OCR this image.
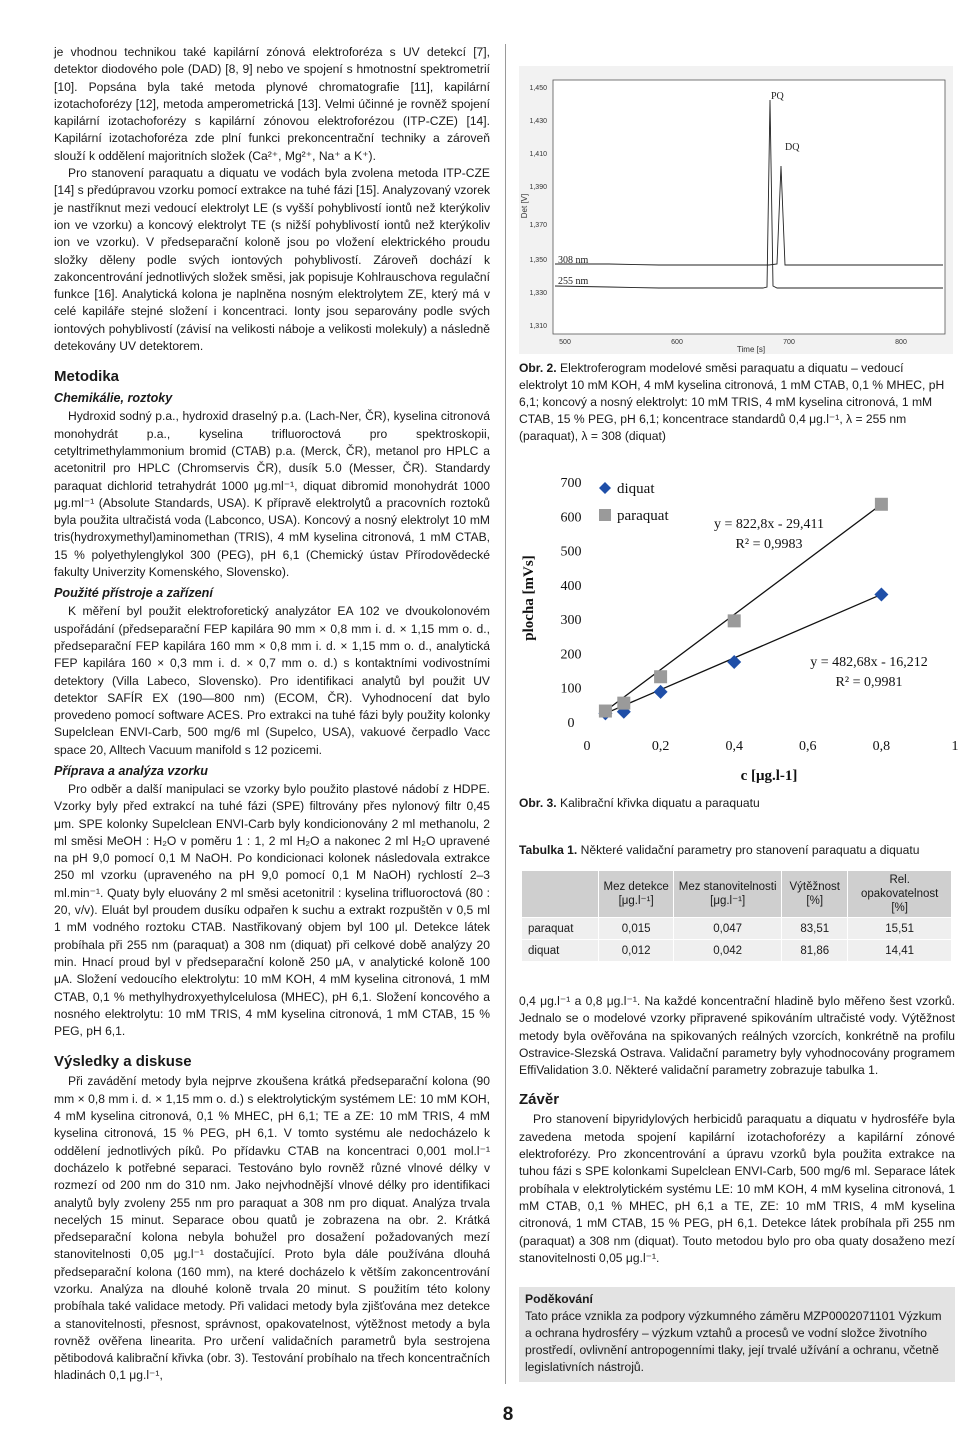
je vhodnou technikou také kapilární zónová elektroforéza s UV detekcí [7], detektor diodového pole (DAD) [8, 9] nebo ve spojení s hmotnostní spektrometrií [10]. Popsána byla také metoda plynové chromatografie [11], kapilární izotachoforézy [12], metoda amperometrická [13]. Velmi účinné je rovněž spojení kapilární izotachoforézy s kapilární zónovou elektroforézou (ITP-CZE) [14]. Kapilární izotachoforéza zde plní funkci prekoncentrační techniky a zároveň slouží k oddělení majoritních složek (Ca²⁺, Mg²⁺, Na⁺ a K⁺).

Pro stanovení paraquatu a diquatu ve vodách byla zvolena metoda ITP-CZE [14] s předúpravou vzorku pomocí extrakce na tuhé fázi [15]. Analyzovaný vzorek je nastříknut mezi vedoucí elektrolyt LE (s vyšší pohyblivostí iontů než kterýkoliv ion ve vzorku) a koncový elektrolyt TE (s nižší pohyblivostí iontů než kterýkoliv ion ve vzorku). V předseparační koloně jsou po vložení elektrického proudu složky děleny podle svých iontových pohyblivostí. Zároveň dochází k zakoncentrování jednotlivých složek směsi, jak popisuje Kohlrauschova regulační funkce [16]. Analytická kolona je naplněna nosným elektrolytem ZE, který má v celé kapiláře stejné složení i koncentraci. Ionty jsou separovány podle svých iontových pohyblivostí (závisí na velikosti náboje a velikosti molekuly) a následně detekovány UV detektorem.

Metodika
Chemikálie, roztoky

Hydroxid sodný p.a., hydroxid draselný p.a. (Lach-Ner, ČR), kyselina citronová monohydrát p.a., kyselina trifluoroctová pro spektroskopii, cetyltrimethylammonium bromid (CTAB) p.a. (Merck, ČR), metanol pro HPLC a acetonitril pro HPLC (Chromservis ČR), dusík 5.0 (Messer, ČR). Standardy paraquat dichlorid tetrahydrát 1000 μg.ml⁻¹, diquat dibromid monohydrát 1000 μg.ml⁻¹ (Absolute Standards, USA). K přípravě elektrolytů a pracovních roztoků byla použita ultračistá voda (Labconco, USA). Koncový a nosný elektrolyt 10 mM tris(hydroxymethyl)aminomethan (TRIS), 4 mM kyselina citronová, 1 mM CTAB, 15 % polyethylenglykol 300 (PEG), pH 6,1 (Chemický ústav Přírodovědecké fakulty Univerzity Komenského, Slovensko).

Použité přístroje a zařízení

K měření byl použit elektroforetický analyzátor EA 102 ve dvoukolonovém uspořádání (předseparační FEP kapilára 90 mm × 0,8 mm i. d. × 1,15 mm o. d., předseparační FEP kapilára 160 mm × 0,8 mm i. d. × 1,15 mm o. d., analytická FEP kapilára 160 × 0,3 mm i. d. × 0,7 mm o. d.) s kontaktními vodivostními detektory (Villa Labeco, Slovensko). Pro identifikaci analytů byl použit UV detektor SAFÍR EX (190—800 nm) (ECOM, ČR). Vyhodnocení dat bylo provedeno pomocí software ACES. Pro extrakci na tuhé fázi byly použity kolonky Supelclean ENVI-Carb, 500 mg/6 ml (Supelco, USA), vakuové čerpadlo Vacc space 20, Alltech Vacuum manifold s 12 pozicemi.

Příprava a analýza vzorku

Pro odběr a další manipulaci se vzorky bylo použito plastové nádobí z HDPE. Vzorky byly před extrakcí na tuhé fázi (SPE) filtrovány přes nylonový filtr 0,45 μm. SPE kolonky Supelclean ENVI-Carb byly kondicionovány 2 ml methanolu, 2 ml směsi MeOH : H₂O v poměru 1 : 1, 2 ml H₂O a nakonec 2 ml H₂O upravené na pH 9,0 pomocí 0,1 M NaOH. Po kondicionaci kolonek následovala extrakce 250 ml vzorku (upraveného na pH 9,0 pomocí 0,1 M NaOH) rychlostí 2–3 ml.min⁻¹. Quaty byly eluovány 2 ml směsi acetonitril : kyselina trifluoroctová (80 : 20, v/v). Eluát byl proudem dusíku odpařen k suchu a extrakt rozpuštěn v 0,5 ml 1 mM vodného roztoku CTAB. Nastřikovaný objem byl 100 μl. Detekce látek probíhala při 255 nm (paraquat) a 308 nm (diquat) při celkové době analýzy 20 min. Hnací proud byl v předseparační koloně 250 μA, v analytické koloně 100 μA. Složení vedoucího elektrolytu: 10 mM KOH, 4 mM kyselina citronová, 1 mM CTAB, 0,1 % methylhydroxyethylcelulosa (MHEC), pH 6,1. Složení koncového a nosného elektrolytu: 10 mM TRIS, 4 mM kyselina citronová, 1 mM CTAB, 15 % PEG, pH 6,1.

Výsledky a diskuse

Při zavádění metody byla nejprve zkoušena krátká předseparační kolona (90 mm × 0,8 mm i. d. × 1,15 mm o. d.) s elektrolytickým systémem LE: 10 mM KOH, 4 mM kyselina citronová, 0,1 % MHEC, pH 6,1; TE a ZE: 10 mM TRIS, 4 mM kyselina citronová, 15 % PEG, pH 6,1. V tomto systému ale nedocházelo k oddělení jednotlivých píků. Po přídavku CTAB na koncentraci 0,001 mol.l⁻¹ docházelo k potřebné separaci. Testováno bylo rovněž různé vlnové délky v rozmezí od 200 nm do 310 nm. Jako nejvhodnější vlnové délky pro identifikaci analytů byly zvoleny 255 nm pro paraquat a 308 nm pro diquat. Analýza trvala necelých 15 minut. Separace obou quatů je zobrazena na obr. 2. Krátká předseparační kolona nebyla bohužel pro dosažení požadovaných mezí stanovitelnosti 0,05 μg.l⁻¹ dostačující. Proto byla dále používána dlouhá předseparační kolona (160 mm), na které docházelo k větším zakoncentrování vzorku. Analýza na dlouhé koloně trvala 20 minut. S použitím této kolony probíhala také validace metody. Při validaci metody byla zjišťována mez detekce a stanovitelnosti, přesnost, správnost, opakovatelnost, výtěžnost metody a byla rovněž ověřena linearita. Pro určení validačních parametrů byla sestrojena pětibodová kalibrační křivka (obr. 3). Testování probíhalo na třech koncentračních hladinách 0,1 μg.l⁻¹,

8
1,450
1,430
1,410
1,390
1,370
1,350
1,330
1,310
500	600	700	800
Time [s]
Det [V]
PQ
DQ
308 nm
255 nm
Obr. 2. Elektroferogram modelové směsi paraquatu a diquatu – vedoucí elektrolyt 10 mM KOH, 4 mM kyselina citronová, 1 mM CTAB, 0,1 % MHEC, pH 6,1; koncový a nosný elektrolyt: 10 mM TRIS, 4 mM kyselina citronová, 1 mM CTAB, 15 % PEG, pH 6,1; koncentrace standardů 0,4 μg.l⁻¹, λ = 255 nm (paraquat), λ = 308 (diquat)
0
100
200
300
400
500
600
700
0	0,2	0,4	0,6	0,8	1
c [μg.l-1]
plocha [mVs]
diquat
paraquat
y = 482,68x - 16,212
R² = 0,9981
y = 822,8x - 29,411
R² = 0,9983
Obr. 3. Kalibrační křivka diquatu a paraquatu
Tabulka 1. Některé validační parametry pro stanovení paraquatu a diquatu
	Mez detekce [μg.l⁻¹]	Mez stanovitelnosti [μg.l⁻¹]	Výtěžnost [%]	Rel. opakovatelnost [%]
paraquat	0,015	0,047	83,51	15,51
diquat	0,012	0,042	81,86	14,41

0,4 μg.l⁻¹ a 0,8 μg.l⁻¹. Na každé koncentrační hladině bylo měřeno šest vzorků. Jednalo se o modelové vzorky připravené spikováním ultračisté vody. Výtěžnost metody byla ověřována na spikovaných reálných vzorcích, konkrétně na profilu Ostravice-Slezská Ostrava. Validační parametry byly vyhodnocovány programem EffiValidation 3.0. Některé validační parametry zobrazuje tabulka 1.

Závěr

Pro stanovení bipyridylových herbicidů paraquatu a diquatu v hydrosféře byla zavedena metoda spojení kapilární izotachoforézy a kapilární zónové elektroforézy. Pro zkoncentrování a úpravu vzorků byla použita extrakce na tuhou fázi s SPE kolonkami Supelclean ENVI-Carb, 500 mg/6 ml. Separace látek probíhala v elektrolytickém systému LE: 10 mM KOH, 4 mM kyselina citronová, 1 mM CTAB, 0,1 % MHEC, pH 6,1 a TE, ZE: 10 mM TRIS, 4 mM kyselina citronová, 1 mM CTAB, 15 % PEG, pH 6,1. Detekce látek probíhala při 255 nm (paraquat) a 308 nm (diquat). Touto metodou bylo pro oba quaty dosaženo mezí stanovitelnosti 0,05 μg.l⁻¹.

Poděkování
Tato práce vznikla za podpory výzkumného záměru MZP0002071101 Výzkum a ochrana hydrosféry – výzkum vztahů a procesů ve vodní složce životního prostředí, ovlivnění antropogenními tlaky, její trvalé užívání a ochranu, včetně legislativních nástrojů.
